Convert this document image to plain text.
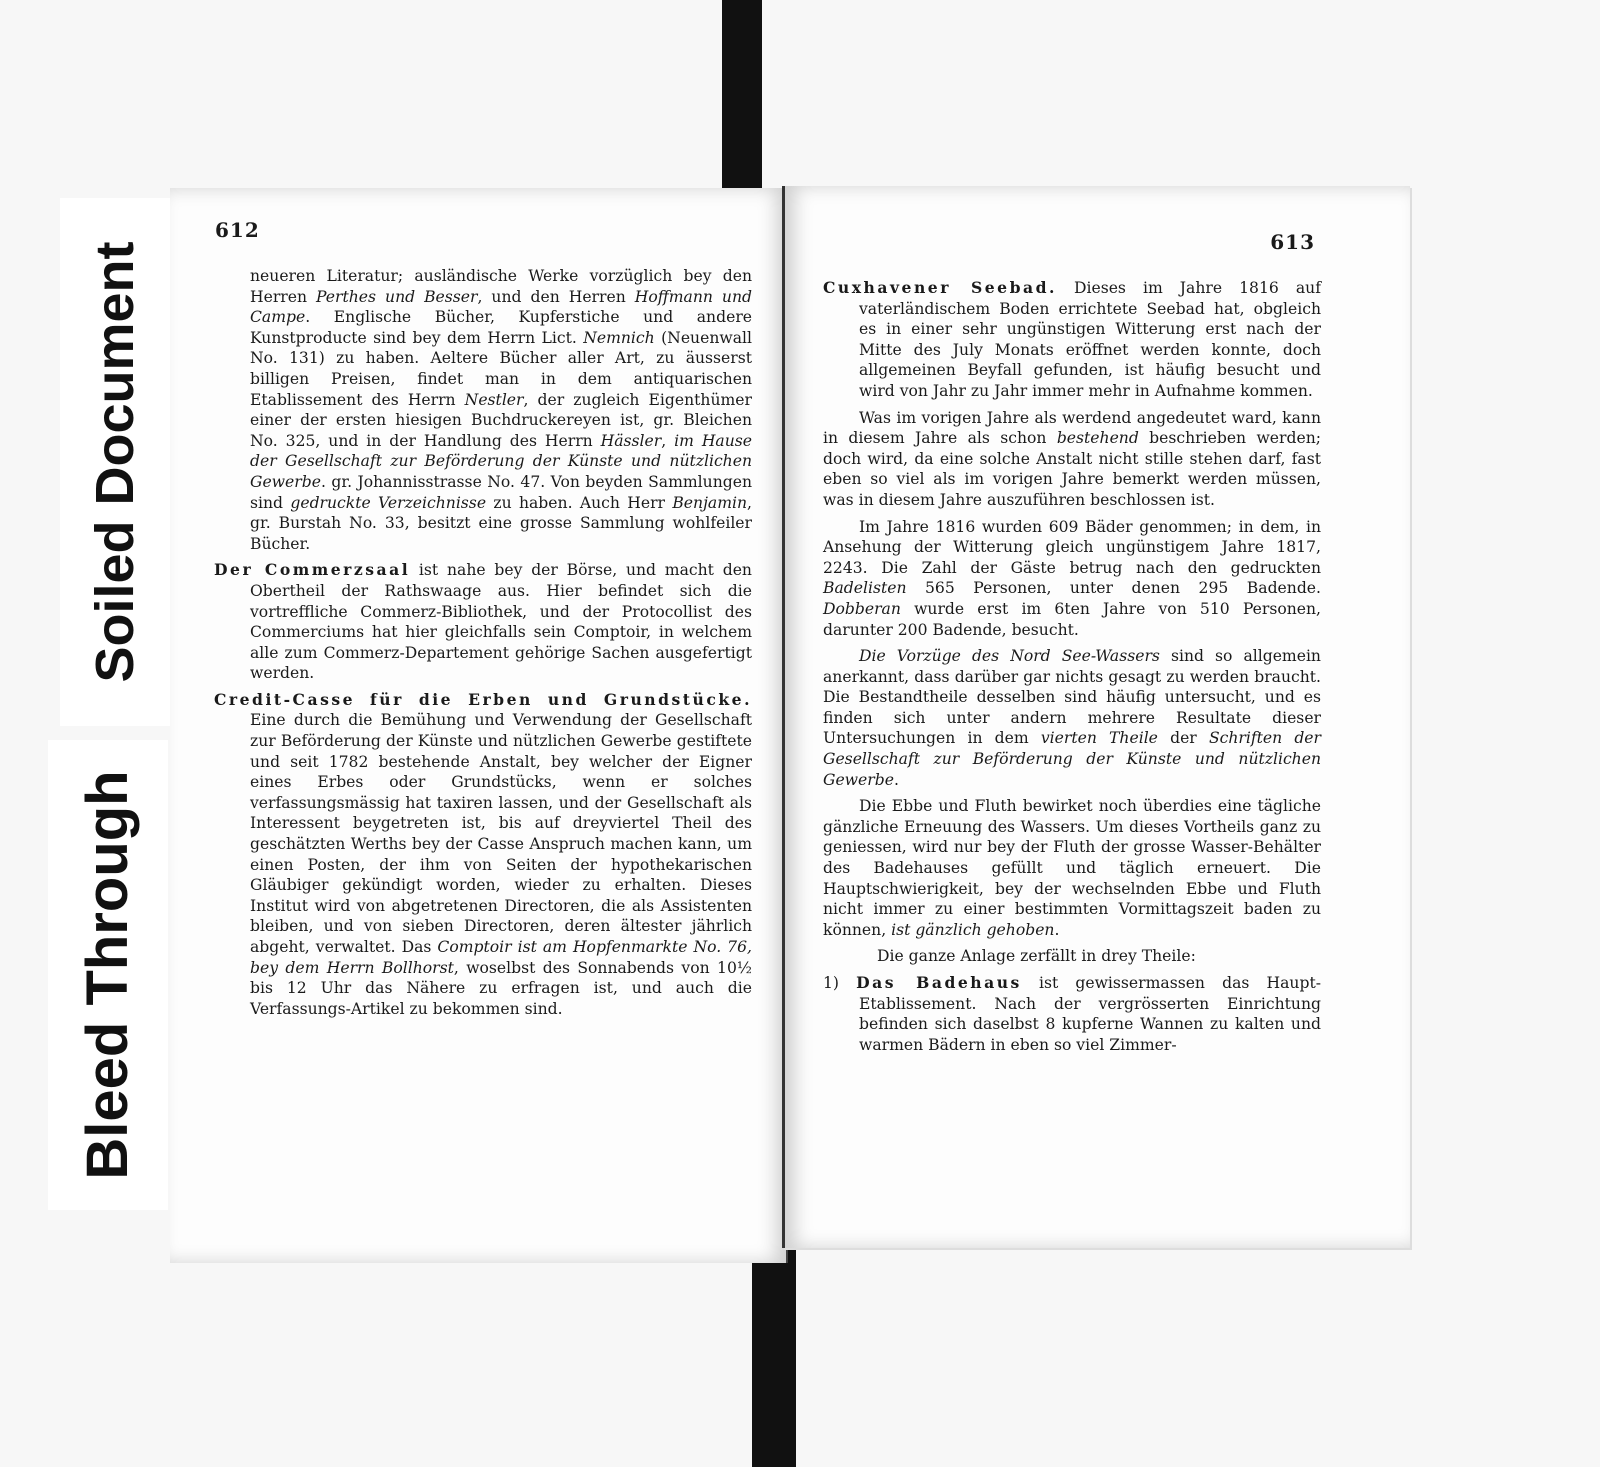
Soiled Document
Bleed Through
612

neueren Literatur; ausländische Werke vorzüglich bey den Herren Perthes und Besser, und den Herren Hoffmann und Campe. Englische Bücher, Kupferstiche und andere Kunstproducte sind bey dem Herrn Lict. Nemnich (Neuenwall No. 131) zu haben. Aeltere Bücher aller Art, zu äusserst billigen Preisen, findet man in dem antiquarischen Etablissement des Herrn Nestler, der zugleich Eigenthümer einer der ersten hiesigen Buchdruckereyen ist, gr. Bleichen No. 325, und in der Handlung des Herrn Hässler, im Hause der Gesellschaft zur Beförderung der Künste und nützlichen Gewerbe. gr. Johannisstrasse No. 47. Von beyden Sammlungen sind gedruckte Verzeichnisse zu haben. Auch Herr Benjamin, gr. Burstah No. 33, besitzt eine grosse Sammlung wohlfeiler Bücher.

Der Commerzsaal ist nahe bey der Börse, und macht den Obertheil der Rathswaage aus. Hier befindet sich die vortreffliche Commerz-Bibliothek, und der Protocollist des Commerciums hat hier gleichfalls sein Comptoir, in welchem alle zum Commerz-Departement gehörige Sachen ausgefertigt werden.

Credit-Casse für die Erben und Grundstücke. Eine durch die Bemühung und Verwendung der Gesellschaft zur Beförderung der Künste und nützlichen Gewerbe gestiftete und seit 1782 bestehende Anstalt, bey welcher der Eigner eines Erbes oder Grundstücks, wenn er solches verfassungsmässig hat taxiren lassen, und der Gesellschaft als Interessent beygetreten ist, bis auf dreyviertel Theil des geschätzten Werths bey der Casse Anspruch machen kann, um einen Posten, der ihm von Seiten der hypothekarischen Gläubiger gekündigt worden, wieder zu erhalten. Dieses Institut wird von abgetretenen Directoren, die als Assistenten bleiben, und von sieben Directoren, deren ältester jährlich abgeht, verwaltet. Das Comptoir ist am Hopfenmarkte No. 76, bey dem Herrn Bollhorst, woselbst des Sonnabends von 10½ bis 12 Uhr das Nähere zu erfragen ist, und auch die Verfassungs-Artikel zu bekommen sind.

613

Cuxhavener Seebad. Dieses im Jahre 1816 auf vaterländischem Boden errichtete Seebad hat, obgleich es in einer sehr ungünstigen Witterung erst nach der Mitte des July Monats eröffnet werden konnte, doch allgemeinen Beyfall gefunden, ist häufig besucht und wird von Jahr zu Jahr immer mehr in Aufnahme kommen.

Was im vorigen Jahre als werdend angedeutet ward, kann in diesem Jahre als schon bestehend beschrieben werden; doch wird, da eine solche Anstalt nicht stille stehen darf, fast eben so viel als im vorigen Jahre bemerkt werden müssen, was in diesem Jahre auszuführen beschlossen ist.

Im Jahre 1816 wurden 609 Bäder genommen; in dem, in Ansehung der Witterung gleich ungünstigem Jahre 1817, 2243. Die Zahl der Gäste betrug nach den gedruckten Badelisten 565 Personen, unter denen 295 Badende. Dobberan wurde erst im 6ten Jahre von 510 Personen, darunter 200 Badende, besucht.

Die Vorzüge des Nord See-Wassers sind so allgemein anerkannt, dass darüber gar nichts gesagt zu werden braucht. Die Bestandtheile desselben sind häufig untersucht, und es finden sich unter andern mehrere Resultate dieser Untersuchungen in dem vierten Theile der Schriften der Gesellschaft zur Beförderung der Künste und nützlichen Gewerbe.

Die Ebbe und Fluth bewirket noch überdies eine tägliche gänzliche Erneuung des Wassers. Um dieses Vortheils ganz zu geniessen, wird nur bey der Fluth der grosse Wasser-Behälter des Badehauses gefüllt und täglich erneuert. Die Hauptschwierigkeit, bey der wechselnden Ebbe und Fluth nicht immer zu einer bestimmten Vormittagszeit baden zu können, ist gänzlich gehoben.

Die ganze Anlage zerfällt in drey Theile:

1) Das Badehaus ist gewissermassen das Haupt-Etablissement. Nach der vergrösserten Einrichtung befinden sich daselbst 8 kupferne Wannen zu kalten und warmen Bädern in eben so viel Zimmer-
